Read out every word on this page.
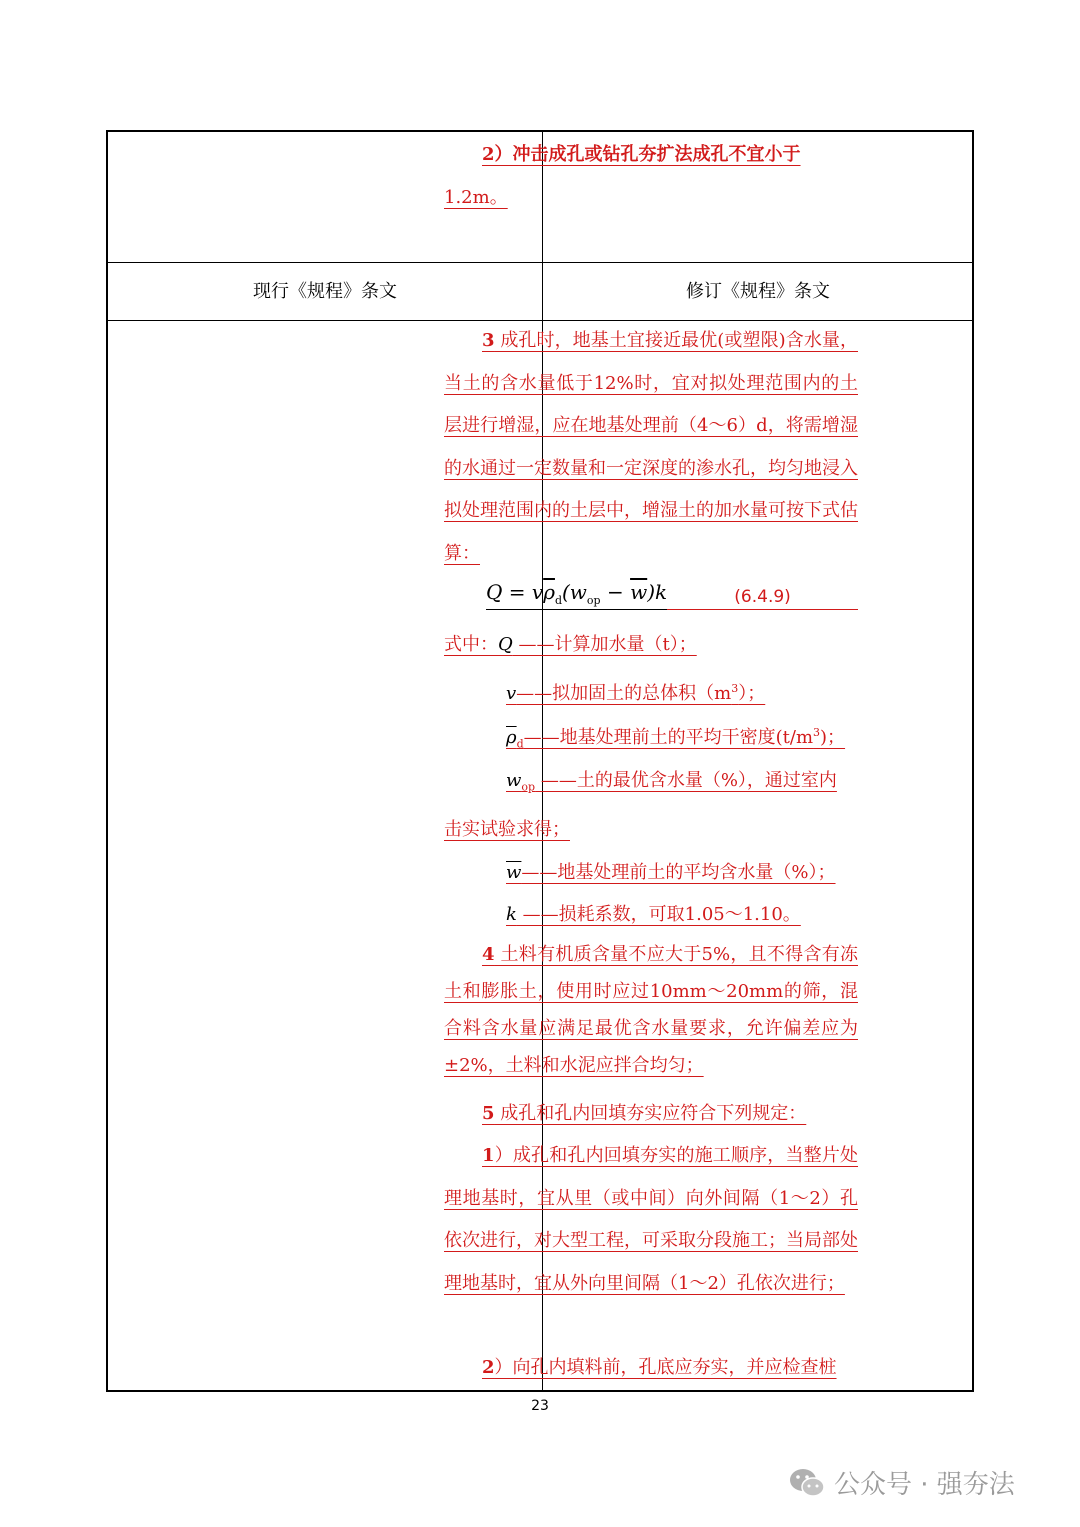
2）冲击成孔或钻孔夯扩法成孔不宜小于

1.2m。

现行《规程》条文	修订《规程》条文

3 成孔时，地基土宜接近最优(或塑限)含水量，当土的含水量低于12%时，宜对拟处理范围内的土层进行增湿，应在地基处理前（4～6）d，将需增湿的水通过一定数量和一定深度的渗水孔，均匀地浸入拟处理范围内的土层中，增湿土的加水量可按下式估算：

$Q = v\overline{\rho}_d(w_{op} - \overline{w})k$	(6.4.9)
式中：Q ——计算加水量（t）；
v——拟加固土的总体积$(m^3)$；
$\rho_d——$地基处理前土的平均干密度$(t/m^3)$；

$w_{op}$ ——土的最优含水量（%），通过室内

击实试验求得；

w——地基处理前土的平均含水量（%）；
k ——损耗系数，可取1.05～1.10。

4 土料有机质含量不应大于5%，且不得含有冻土和膨胀土，使用时应过10mm～20mm的筛，混合料含水量应满足最优含水量要求，允许偏差应为±2%，土料和水泥应拌合均匀；

5 成孔和孔内回填夯实应符合下列规定：

1）成孔和孔内回填夯实的施工顺序，当整片处理地基时，宜从里（或中间）向外间隔（1～2）孔依次进行，对大型工程，可采取分段施工；当局部处理地基时，宜从外向里间隔（1～2）孔依次进行；

2）向孔内填料前，孔底应夯实，并应检查桩

23
公众号 · 强夯法
